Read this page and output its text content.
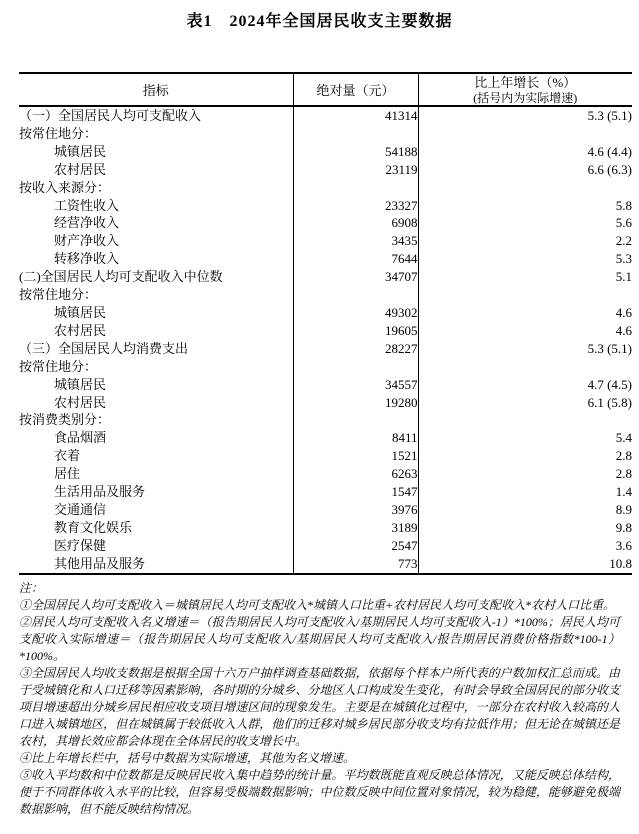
表1　2024年全国居民收支主要数据
指标	绝对量（元）	比上年增长（%）
(括号内为实际增速)

（一）全国居民人均可支配收入	41314	5.3 (5.1)
按常住地分：		
城镇居民	54188	4.6 (4.4)
农村居民	23119	6.6 (6.3)
按收入来源分：		
工资性收入	23327	5.8
经营净收入	6908	5.6
财产净收入	3435	2.2
转移净收入	7644	5.3
(二)全国居民人均可支配收入中位数	34707	5.1
按常住地分：		
城镇居民	49302	4.6
农村居民	19605	4.6
（三）全国居民人均消费支出	28227	5.3 (5.1)
按常住地分：		
城镇居民	34557	4.7 (4.5)
农村居民	19280	6.1 (5.8)
按消费类别分：		
食品烟酒	8411	5.4
衣着	1521	2.8
居住	6263	2.8
生活用品及服务	1547	1.4
交通通信	3976	8.9
教育文化娱乐	3189	9.8
医疗保健	2547	3.6
其他用品及服务	773	10.8
注：

①全国居民人均可支配收入＝城镇居民人均可支配收入*城镇人口比重+农村居民人均可支配收入*农村人口比重。

②居民人均可支配收入名义增速＝（报告期居民人均可支配收入/基期居民人均可支配收入-1）*100%；居民人均可支配收入实际增速＝（报告期居民人均可支配收入/基期居民人均可支配收入/报告期居民消费价格指数*100-1）*100%。

③全国居民人均收支数据是根据全国十六万户抽样调查基础数据，依据每个样本户所代表的户数加权汇总而成。由于受城镇化和人口迁移等因素影响，各时期的分城乡、分地区人口构成发生变化，有时会导致全国居民的部分收支项目增速超出分城乡居民相应收支项目增速区间的现象发生。主要是在城镇化过程中，一部分在农村收入较高的人口进入城镇地区，但在城镇属于较低收入人群，他们的迁移对城乡居民部分收支均有拉低作用；但无论在城镇还是农村，其增长效应都会体现在全体居民的收支增长中。

④比上年增长栏中，括号中数据为实际增速，其他为名义增速。

⑤收入平均数和中位数都是反映居民收入集中趋势的统计量。平均数既能直观反映总体情况，又能反映总体结构，便于不同群体收入水平的比较，但容易受极端数据影响；中位数反映中间位置对象情况，较为稳健，能够避免极端数据影响，但不能反映结构情况。
